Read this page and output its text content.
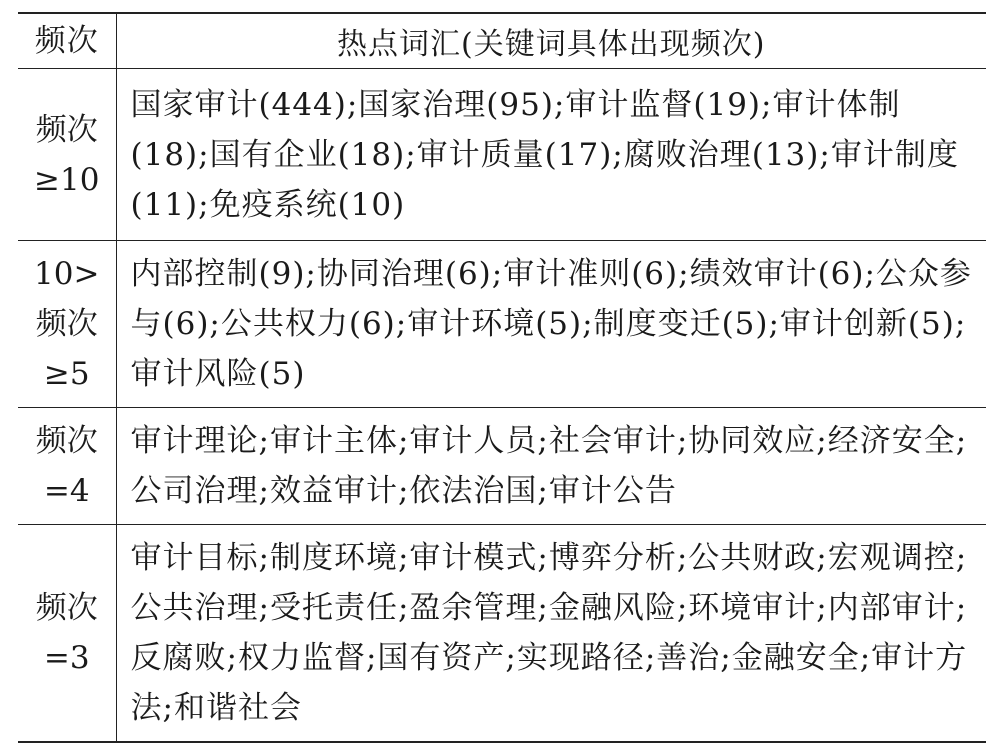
频次	热点词汇(关键词具体出现频次)

频次
≥10	国家审计(444);国家治理(95);审计监督(19);审计体制(18);国有企业(18);审计质量(17);腐败治理(13);审计制度(11);免疫系统(10)

10>
频次
≥5	内部控制(9);协同治理(6);审计准则(6);绩效审计(6);公众参与(6);公共权力(6);审计环境(5);制度变迁(5);审计创新(5);审计风险(5)

频次
=4	审计理论;审计主体;审计人员;社会审计;协同效应;经济安全;公司治理;效益审计;依法治国;审计公告

频次
=3	审计目标;制度环境;审计模式;博弈分析;公共财政;宏观调控;公共治理;受托责任;盈余管理;金融风险;环境审计;内部审计;反腐败;权力监督;国有资产;实现路径;善治;金融安全;审计方法;和谐社会
